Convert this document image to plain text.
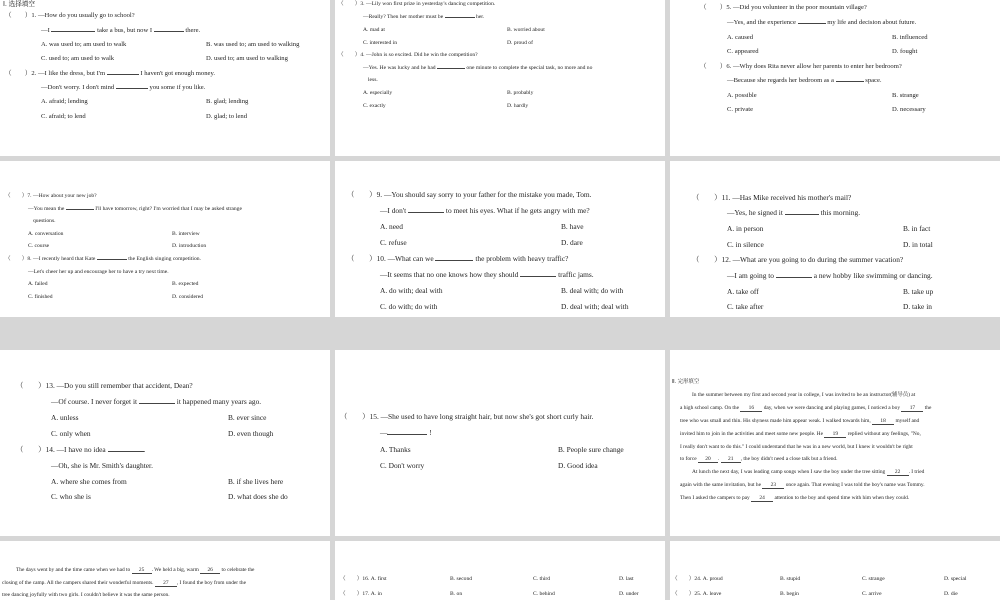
Ⅰ. 选择填空
（　　）1. —How do you usually go to school?
—I	take a bus, but now I	there.
A. was used to; am used to walk	B. was used to; am used to walking
C. used to; am used to walk	D. used to; am used to walking
（　　）2. —I like the dress, but I'm	I haven't got enough money.
—Don't worry. I don't mind	you some if you like.
A. afraid; lending	B. glad; lending
C. afraid; to lend	D. glad; to lend
（　　）3. —Lily won first prize in yesterday's dancing competition.
—Really? Then her mother must be	her.
A. mad at	B. worried about
C. interested in	D. proud of
（　　）4. —John is so excited. Did he win the competition?
—Yes. He was lucky and he had	one minute to complete the special task, no more and no
less.
A. especially	B. probably
C. exactly	D. hardly
（　　）5. —Did you volunteer in the poor mountain village?
—Yes, and the experience	my life and decision about future.
A. caused	B. influenced
C. appeared	D. fought
（　　）6. —Why does Rita never allow her parents to enter her bedroom?
—Because she regards her bedroom as a	space.
A. possible	B. strange
C. private	D. necessary
（　　）7. —How about your new job?
—You mean the	I'll have tomorrow, right? I'm worried that I may be asked strange
questions.
A. conversation	B. interview
C. course	D. introduction
（　　）8. —I recently heard that Kate	the English singing competition.
—Let's cheer her up and encourage her to have a try next time.
A. failed	B. expected
C. finished	D. considered
（　　）9. —You should say sorry to your father for the mistake you made, Tom.
—I don't	to meet his eyes. What if he gets angry with me?
A. need	B. have
C. refuse	D. dare
（　　）10. —What can we	the problem with heavy traffic?
—It seems that no one knows how they should	traffic jams.
A. do with; deal with	B. deal with; do with
C. do with; do with	D. deal with; deal with
（　　）11. —Has Mike received his mother's mail?
—Yes, he signed it	this morning.
A. in person	B. in fact
C. in silence	D. in total
（　　）12. —What are you going to do during the summer vacation?
—I am going to	a new hobby like swimming or dancing.
A. take off	B. take up
C. take after	D. take in
（　　）13. —Do you still remember that accident, Dean?
—Of course. I never forget it	it happened many years ago.
A. unless	B. ever since
C. only when	D. even though
（　　）14. —I have no idea	.
—Oh, she is Mr. Smith's daughter.
A. where she comes from	B. if she lives here
C. who she is	D. what does she do
（　　）15. —She used to have long straight hair, but now she's got short curly hair.
—	!
A. Thanks	B. People sure change
C. Don't worry	D. Good idea
Ⅱ. 完形填空
In the summer between my first and second year in college, I was invited to be an instructor(辅导员) at
a high school camp. On the 16 day, when we were dancing and playing games, I noticed a boy 17 the
tree who was small and thin. His shyness made him appear weak. I walked towards him, 18 myself and
invited him to join in the activities and meet some new people. He 19 replied without any feelings, "No,
I really don't want to do this." I could understand that he was in a new world, but I knew it wouldn't be right
to force 20 . 21 , the boy didn't need a close talk but a friend.
At lunch the next day, I was leading camp songs when I saw the boy under the tree sitting 22 . I tried
again with the same invitation, but he 23 once again. That evening I was told the boy's name was Tommy.
Then I asked the campers to pay 24 attention to the boy and spend time with him when they could.
The days went by and the time came when we had to 25 . We held a big, warm 26 to celebrate the
closing of the camp. All the campers shared their wonderful moments. 27 , I found the boy from under the
tree dancing joyfully with two girls. I couldn't believe it was the same person.
（　　）16. A. first	B. second	C. third	D. last
（　　）17. A. in	B. on	C. behind	D. under
（　　）24. A. proud	B. stupid	C. strange	D. special
（　　）25. A. leave	B. begin	C. arrive	D. die
